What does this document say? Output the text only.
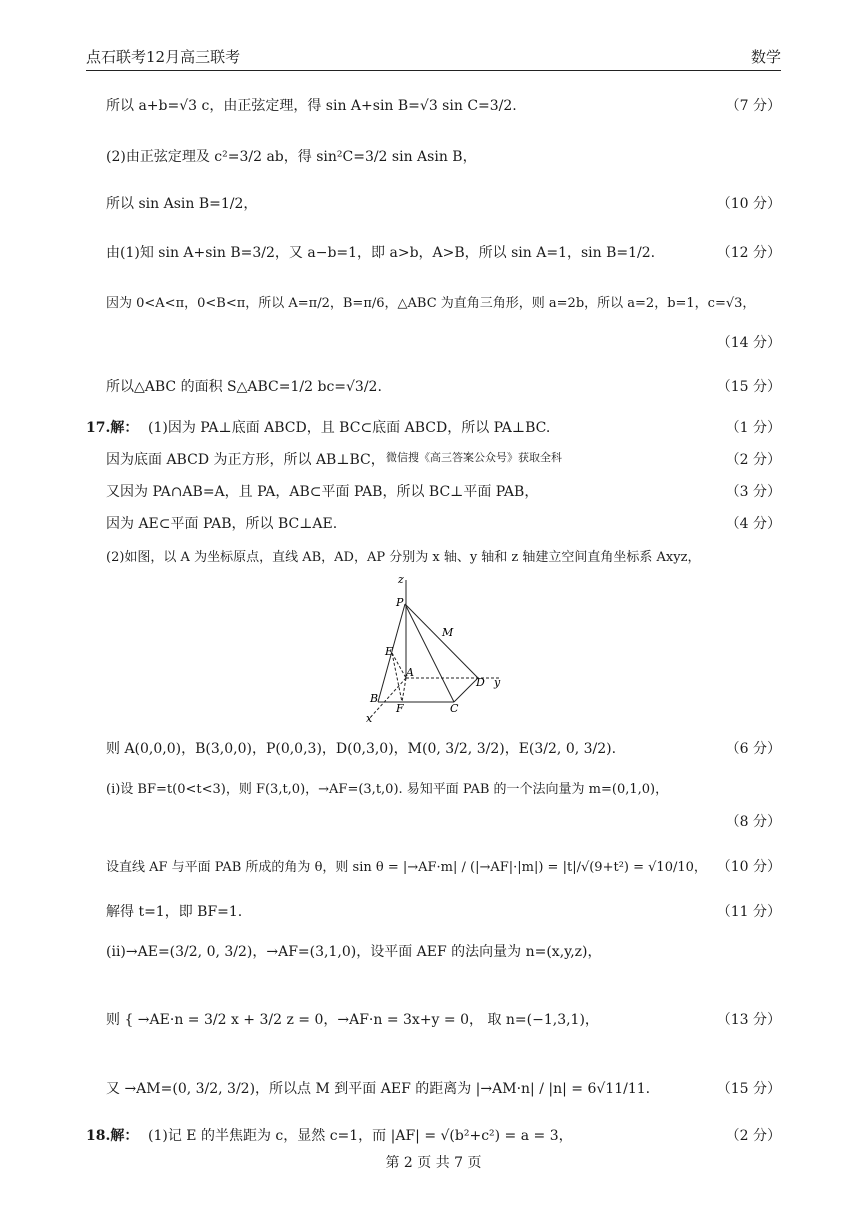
点石联考12月高三联考	数学
所以 a+b=√3 c，由正弦定理，得 sin A+sin B=√3 sin C=3/2.	（7 分）
(2)由正弦定理及 c²=3/2 ab，得 sin²C=3/2 sin Asin B，
所以 sin Asin B=1/2，	（10 分）
由(1)知 sin A+sin B=3/2，又 a−b=1，即 a>b，A>B，所以 sin A=1，sin B=1/2.	（12 分）
因为 0<A<π，0<B<π，所以 A=π/2，B=π/6，△ABC 为直角三角形，则 a=2b，所以 a=2，b=1，c=√3，
（14 分）
所以△ABC 的面积 S△ABC=1/2 bc=√3/2.	（15 分）
17.解： (1)因为 PA⊥底面 ABCD，且 BC⊂底面 ABCD，所以 PA⊥BC.	（1 分）
因为底面 ABCD 为正方形，所以 AB⊥BC，	（2 分）
微信搜《高三答案公众号》获取全科
又因为 PA∩AB=A，且 PA，AB⊂平面 PAB，所以 BC⊥平面 PAB，	（3 分）
因为 AE⊂平面 PAB，所以 BC⊥AE.	（4 分）
(2)如图，以 A 为坐标原点，直线 AB，AD，AP 分别为 x 轴、y 轴和 z 轴建立空间直角坐标系 Axyz，
z
P
M
E
A
D y
B
F	C
x
则 A(0,0,0)，B(3,0,0)，P(0,0,3)，D(0,3,0)，M(0, 3/2, 3/2)，E(3/2, 0, 3/2).	（6 分）
(ⅰ)设 BF=t(0<t<3)，则 F(3,t,0)，→AF=(3,t,0). 易知平面 PAB 的一个法向量为 m=(0,1,0)，
（8 分）
设直线 AF 与平面 PAB 所成的角为 θ，则 sin θ = |→AF·m| / (|→AF|·|m|) = |t|/√(9+t²) = √10/10， （10 分）
解得 t=1，即 BF=1.	（11 分）
(ⅱ)→AE=(3/2, 0, 3/2)，→AF=(3,1,0)，设平面 AEF 的法向量为 n=(x,y,z)，
则 { →AE·n = 3/2 x + 3/2 z = 0，→AF·n = 3x+y = 0， 取 n=(−1,3,1)，	（13 分）
又 →AM=(0, 3/2, 3/2)，所以点 M 到平面 AEF 的距离为 |→AM·n| / |n| = 6√11/11.	（15 分）
18.解： (1)记 E 的半焦距为 c，显然 c=1，而 |AF| = √(b²+c²) = a = 3，	（2 分）
第 2 页 共 7 页
